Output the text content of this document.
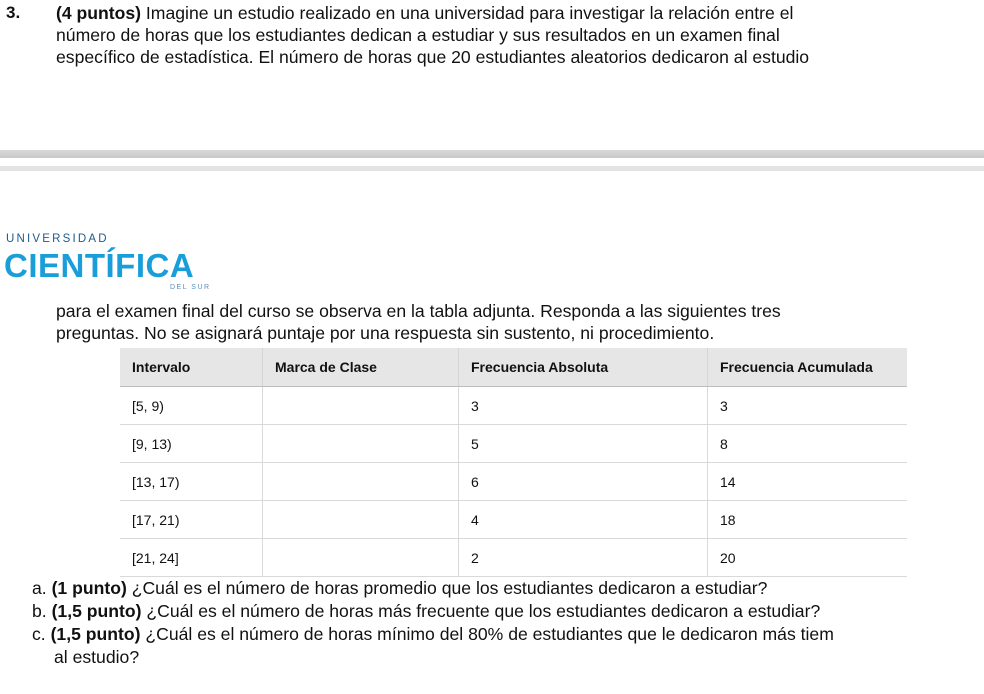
3. (4 puntos) Imagine un estudio realizado en una universidad para investigar la relación entre el
número de horas que los estudiantes dedican a estudiar y sus resultados en un examen final
específico de estadística. El número de horas que 20 estudiantes aleatorios dedicaron al estudio
UNIVERSIDAD
CIENTÍFICA
DEL SUR
para el examen final del curso se observa en la tabla adjunta. Responda a las siguientes tres
preguntas. No se asignará puntaje por una respuesta sin sustento, ni procedimiento.
Intervalo	Marca de Clase	Frecuencia Absoluta	Frecuencia Acumulada
[5, 9)		3	3
[9, 13)		5	8
[13, 17)		6	14
[17, 21)		4	18
[21, 24]		2	20
a. (1 punto) ¿Cuál es el número de horas promedio que los estudiantes dedicaron a estudiar?
b. (1,5 punto) ¿Cuál es el número de horas más frecuente que los estudiantes dedicaron a estudiar?
c. (1,5 punto) ¿Cuál es el número de horas mínimo del 80% de estudiantes que le dedicaron más tiem
al estudio?
